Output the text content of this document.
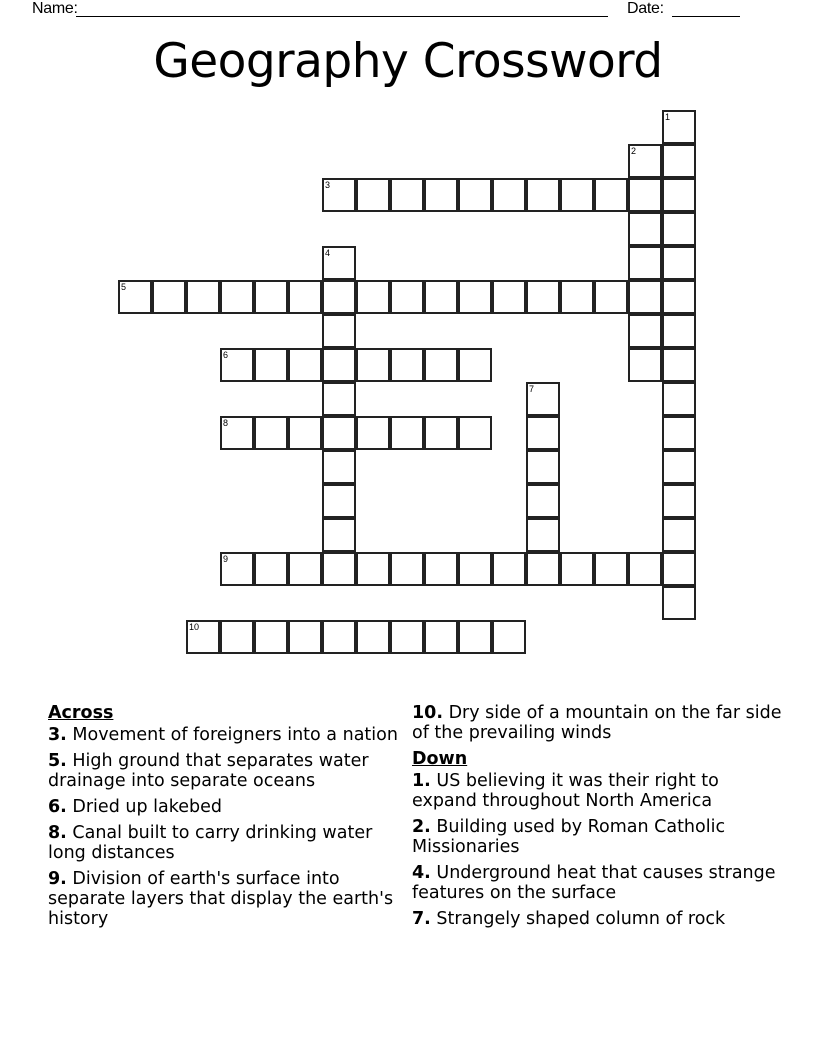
Name:	Date:
Geography Crossword
1
2
3
4
5
6
7
8
9
10
Across
3. Movement of foreigners into a nation
5. High ground that separates water drainage into separate oceans
6. Dried up lakebed
8. Canal built to carry drinking water long distances
9. Division of earth's surface into separate layers that display the earth's history
10. Dry side of a mountain on the far side of the prevailing winds
Down
1. US believing it was their right to expand throughout North America
2. Building used by Roman Catholic Missionaries
4. Underground heat that causes strange features on the surface
7. Strangely shaped column of rock
